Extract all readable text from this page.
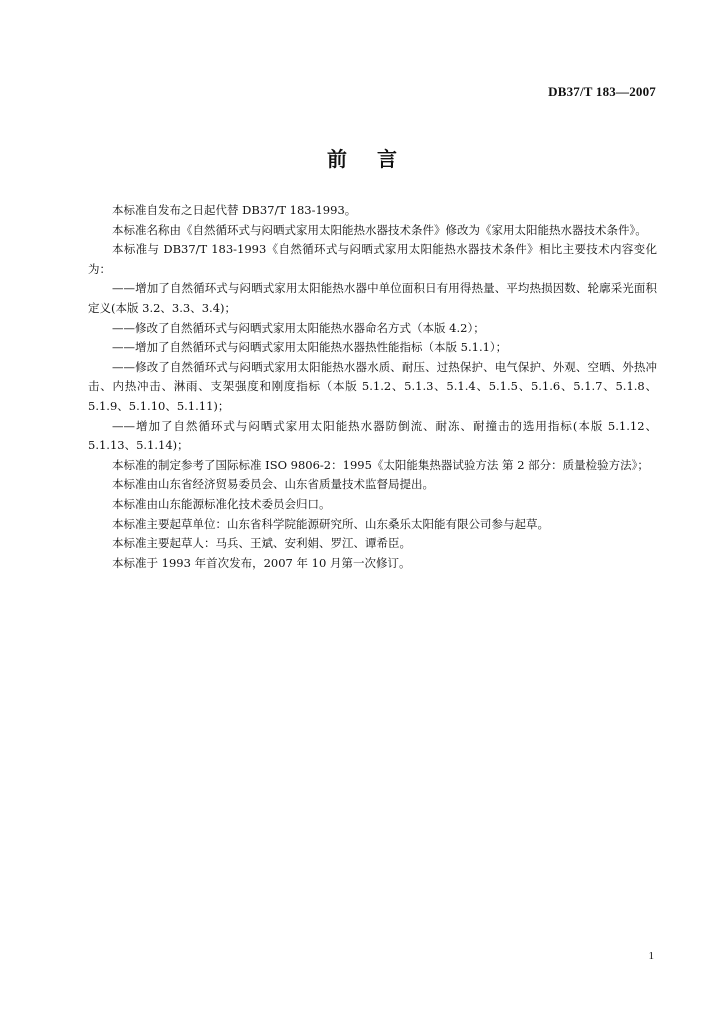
DB37/T 183—2007
前言

本标准自发布之日起代替 DB37/T 183-1993。

本标准名称由《自然循环式与闷晒式家用太阳能热水器技术条件》修改为《家用太阳能热水器技术条件》。

本标准与 DB37/T 183-1993《自然循环式与闷晒式家用太阳能热水器技术条件》相比主要技术内容变化为：

——增加了自然循环式与闷晒式家用太阳能热水器中单位面积日有用得热量、平均热损因数、轮廓采光面积定义(本版 3.2、3.3、3.4)；

——修改了自然循环式与闷晒式家用太阳能热水器命名方式（本版 4.2）；

——增加了自然循环式与闷晒式家用太阳能热水器热性能指标（本版 5.1.1）；

——修改了自然循环式与闷晒式家用太阳能热水器水质、耐压、过热保护、电气保护、外观、空晒、外热冲击、内热冲击、淋雨、支架强度和刚度指标（本版 5.1.2、5.1.3、5.1.4、5.1.5、5.1.6、5.1.7、5.1.8、5.1.9、5.1.10、5.1.11)；

——增加了自然循环式与闷晒式家用太阳能热水器防倒流、耐冻、耐撞击的选用指标(本版 5.1.12、5.1.13、5.1.14)；

本标准的制定参考了国际标准 ISO 9806-2：1995《太阳能集热器试验方法 第 2 部分：质量检验方法》；

本标准由山东省经济贸易委员会、山东省质量技术监督局提出。

本标准由山东能源标准化技术委员会归口。

本标准主要起草单位：山东省科学院能源研究所、山东桑乐太阳能有限公司参与起草。

本标准主要起草人：马兵、王斌、安利娟、罗江、谭希臣。

本标准于 1993 年首次发布，2007 年 10 月第一次修订。

1
